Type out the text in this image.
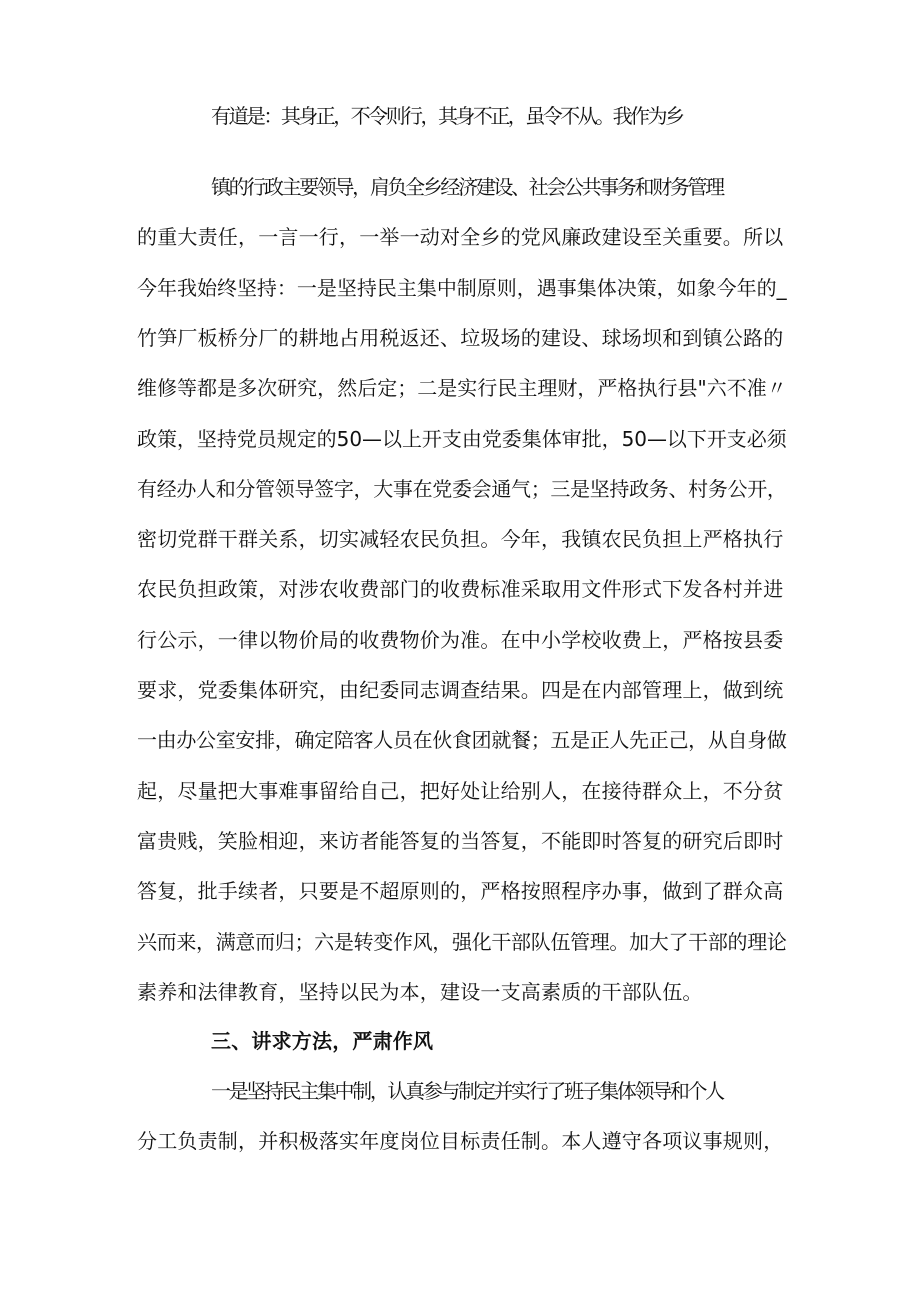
有道是：其身正，不令则行，其身不正，虽令不从。我作为乡
镇的行政主要领导，肩负全乡经济建设、社会公共事务和财务管理
的重大责任，一言一行，一举一动对全乡的党风廉政建设至关重要。所以
今年我始终坚持：一是坚持民主集中制原则，遇事集体决策，如象今年的_
竹笋厂板桥分厂的耕地占用税返还、垃圾场的建设、球场坝和到镇公路的
维修等都是多次研究，然后定；二是实行民主理财，严格执行县"六不准〃
政策，坚持党员规定的50—以上开支由党委集体审批，50—以下开支必须
有经办人和分管领导签字，大事在党委会通气；三是坚持政务、村务公开，
密切党群干群关系，切实减轻农民负担。今年，我镇农民负担上严格执行
农民负担政策，对涉农收费部门的收费标准采取用文件形式下发各村并进
行公示，一律以物价局的收费物价为准。在中小学校收费上，严格按县委
要求，党委集体研究，由纪委同志调查结果。四是在内部管理上，做到统
一由办公室安排，确定陪客人员在伙食团就餐；五是正人先正己，从自身做
起，尽量把大事难事留给自己，把好处让给别人，在接待群众上，不分贫
富贵贱，笑脸相迎，来访者能答复的当答复，不能即时答复的研究后即时
答复，批手续者，只要是不超原则的，严格按照程序办事，做到了群众高
兴而来，满意而归；六是转变作风，强化干部队伍管理。加大了干部的理论
素养和法律教育，坚持以民为本，建设一支高素质的干部队伍。
三、讲求方法，严肃作风
一是坚持民主集中制，认真参与制定并实行了班子集体领导和个人
分工负责制，并积极落实年度岗位目标责任制。本人遵守各项议事规则，
